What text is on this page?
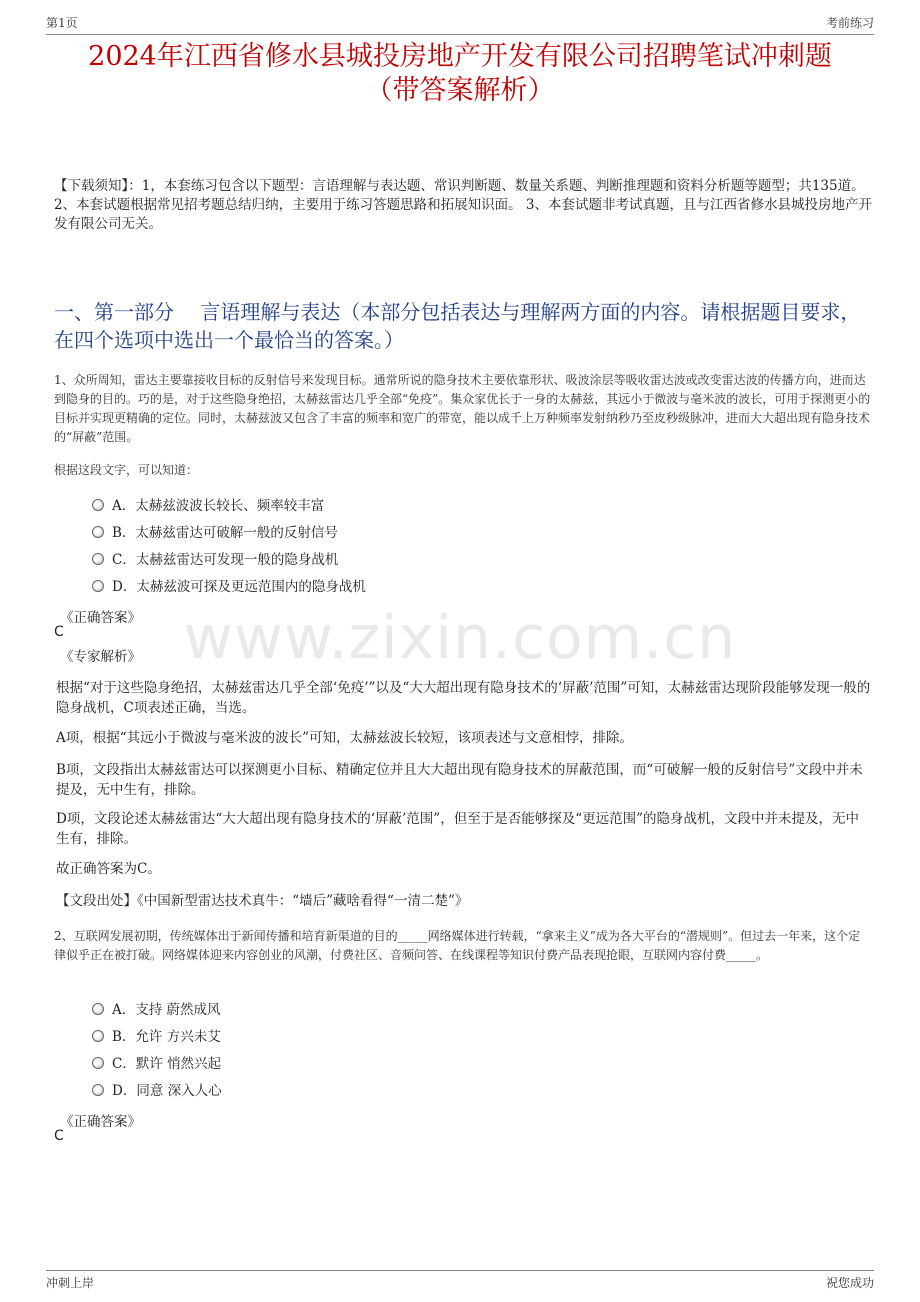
第1页	考前练习
2024年江西省修水县城投房地产开发有限公司招聘笔试冲刺题
（带答案解析）
【下载须知】：1，本套练习包含以下题型：言语理解与表达题、常识判断题、数量关系题、判断推理题和资料分析题等题型；共135道。 2、本套试题根据常见招考题总结归纳，主要用于练习答题思路和拓展知识面。 3、本套试题非考试真题，且与江西省修水县城投房地产开发有限公司无关。
一、第一部分　 言语理解与表达（本部分包括表达与理解两方面的内容。请根据题目要求，在四个选项中选出一个最恰当的答案。）
1、众所周知，雷达主要靠接收目标的反射信号来发现目标。通常所说的隐身技术主要依靠形状、吸波涂层等吸收雷达波或改变雷达波的传播方向，进而达到隐身的目的。巧的是，对于这些隐身绝招，太赫兹雷达几乎全部“免疫”。集众家优长于一身的太赫兹，其远小于微波与毫米波的波长，可用于探测更小的目标并实现更精确的定位。同时，太赫兹波又包含了丰富的频率和宽广的带宽，能以成千上万种频率发射纳秒乃至皮秒级脉冲，进而大大超出现有隐身技术的“屏蔽”范围。
根据这段文字，可以知道：
A．太赫兹波波长较长、频率较丰富
B．太赫兹雷达可破解一般的反射信号
C．太赫兹雷达可发现一般的隐身战机
D．太赫兹波可探及更远范围内的隐身战机
《正确答案》
C
《专家解析》 www.zixin.com.cn
根据“对于这些隐身绝招，太赫兹雷达几乎全部‘免疫’”以及“大大超出现有隐身技术的‘屏蔽’范围”可知，太赫兹雷达现阶段能够发现一般的隐身战机，C项表述正确，当选。
A项，根据“其远小于微波与毫米波的波长”可知，太赫兹波长较短，该项表述与文意相悖，排除。
B项，文段指出太赫兹雷达可以探测更小目标、精确定位并且大大超出现有隐身技术的屏蔽范围，而“可破解一般的反射信号”文段中并未提及，无中生有，排除。
D项，文段论述太赫兹雷达“大大超出现有隐身技术的‘屏蔽’范围”，但至于是否能够探及“更远范围”的隐身战机，文段中并未提及，无中生有，排除。
故正确答案为C。
【文段出处】《中国新型雷达技术真牛：“墙后”藏啥看得“一清二楚”》
2、互联网发展初期，传统媒体出于新闻传播和培育新渠道的目的_____网络媒体进行转载，“拿来主义”成为各大平台的“潜规则”。但过去一年来，这个定律似乎正在被打破。网络媒体迎来内容创业的风潮，付费社区、音频问答、在线课程等知识付费产品表现抢眼，互联网内容付费_____。
A．支持 蔚然成风
B．允许 方兴未艾
C．默许 悄然兴起
D．同意 深入人心
《正确答案》
C
冲刺上岸	祝您成功
